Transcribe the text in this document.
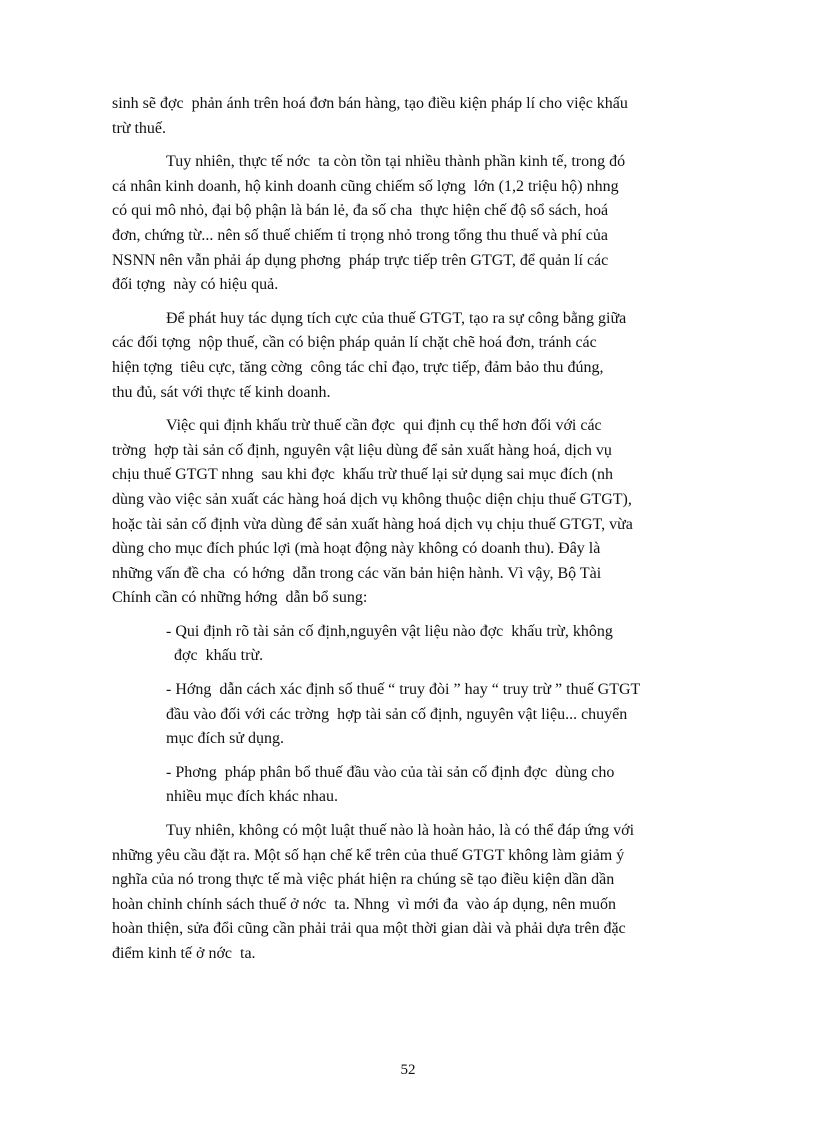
sinh sẽ đợc  phản ánh trên hoá đơn bán hàng, tạo điều kiện pháp lí cho việc khấu
trừ thuế.
Tuy nhiên, thực tế nớc  ta còn tồn tại nhiều thành phần kinh tế, trong đó
cá nhân kinh doanh, hộ kinh doanh cũng chiếm số lợng  lớn (1,2 triệu hộ) nhng
có qui mô nhỏ, đại bộ phận là bán lẻ, đa số cha  thực hiện chế độ sổ sách, hoá
đơn, chứng từ... nên số thuế chiếm tỉ trọng nhỏ trong tổng thu thuế và phí của
NSNN nên vẫn phải áp dụng phơng  pháp trực tiếp trên GTGT, để quản lí các
đối tợng  này có hiệu quả.
Để phát huy tác dụng tích cực của thuế GTGT, tạo ra sự công bằng giữa
các đối tợng  nộp thuế, cần có biện pháp quản lí chặt chẽ hoá đơn, tránh các
hiện tợng  tiêu cực, tăng cờng  công tác chỉ đạo, trực tiếp, đảm bảo thu đúng,
thu đủ, sát với thực tế kinh doanh.
Việc qui định khấu trừ thuế cần đợc  qui định cụ thể hơn đối với các
trờng  hợp tài sản cố định, nguyên vật liệu dùng để sản xuất hàng hoá, dịch vụ
chịu thuế GTGT nhng  sau khi đợc  khấu trừ thuế lại sử dụng sai mục đích (nh
dùng vào việc sản xuất các hàng hoá dịch vụ không thuộc diện chịu thuế GTGT),
hoặc tài sản cố định vừa dùng để sản xuất hàng hoá dịch vụ chịu thuế GTGT, vừa
dùng cho mục đích phúc lợi (mà hoạt động này không có doanh thu). Đây là
những vấn đề cha  có hớng  dẫn trong các văn bản hiện hành. Vì vậy, Bộ Tài
Chính cần có những hớng  dẫn bổ sung:
- Qui định rõ tài sản cố định,nguyên vật liệu nào đợc  khấu trừ, không
đợc  khấu trừ.
- Hớng  dẫn cách xác định số thuế “ truy đòi ” hay “ truy trừ ” thuế GTGT
đầu vào đối với các trờng  hợp tài sản cố định, nguyên vật liệu... chuyển
mục đích sử dụng.
- Phơng  pháp phân bổ thuế đầu vào của tài sản cố định đợc  dùng cho
nhiều mục đích khác nhau.
Tuy nhiên, không có một luật thuế nào là hoàn hảo, là có thể đáp ứng với
những yêu cầu đặt ra. Một số hạn chế kể trên của thuế GTGT không làm giảm ý
nghĩa của nó trong thực tế mà việc phát hiện ra chúng sẽ tạo điều kiện dần dần
hoàn chỉnh chính sách thuế ở nớc  ta. Nhng  vì mới đa  vào áp dụng, nên muốn
hoàn thiện, sửa đổi cũng cần phải trải qua một thời gian dài và phải dựa trên đặc
điểm kinh tế ở nớc  ta.
52
